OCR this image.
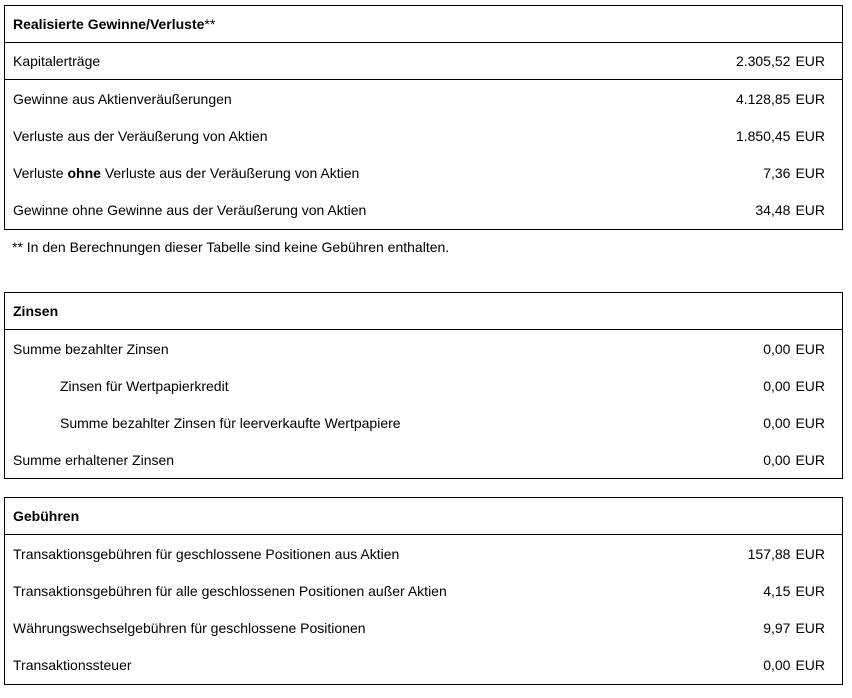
Realisierte Gewinne/Verluste **
Kapitalerträge	2.305,52 EUR
Gewinne aus Aktienveräußerungen	4.128,85 EUR
Verluste aus der Veräußerung von Aktien	1.850,45 EUR
Verluste ohne Verluste aus der Veräußerung von Aktien	7,36 EUR
Gewinne ohne Gewinne aus der Veräußerung von Aktien	34,48 EUR
** In den Berechnungen dieser Tabelle sind keine Gebühren enthalten.
Zinsen
Summe bezahlter Zinsen	0,00 EUR
Zinsen für Wertpapierkredit	0,00 EUR
Summe bezahlter Zinsen für leerverkaufte Wertpapiere	0,00 EUR
Summe erhaltener Zinsen	0,00 EUR
Gebühren
Transaktionsgebühren für geschlossene Positionen aus Aktien	157,88 EUR
Transaktionsgebühren für alle geschlossenen Positionen außer Aktien	4,15 EUR
Währungswechselgebühren für geschlossene Positionen	9,97 EUR
Transaktionssteuer	0,00 EUR
